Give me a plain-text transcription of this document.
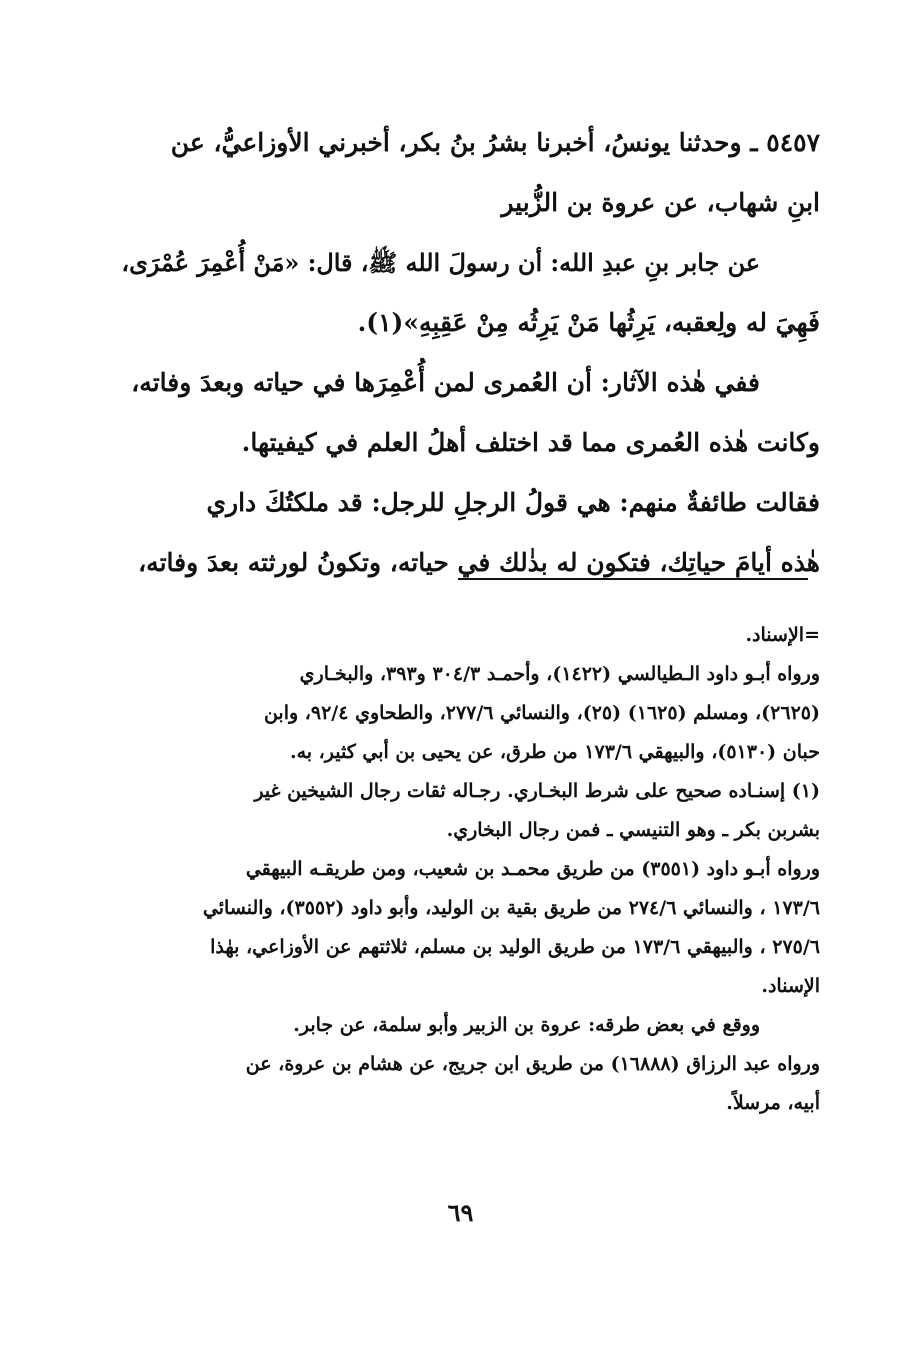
٥٤٥٧ ـ وحدثنا يونسُ، أخبرنا بشرُ بنُ بكر، أخبرني الأوزاعيُّ، عن
ابنِ شهاب، عن عروة بن الزُّبير

عن جابر بنِ عبدِ الله: أن رسولَ الله ﷺ، قال: «مَنْ أُعْمِرَ عُمْرَى،
فَهِيَ له ولِعقبه، يَرِثُها مَنْ يَرِثُه مِنْ عَقِبِهِ»(١).

ففي هٰذه الآثار: أن العُمرى لمن أُعْمِرَها في حياته وبعدَ وفاته،
وكانت هٰذه العُمرى مما قد اختلف أهلُ العلم في كيفيتها.

فقالت طائفةٌ منهم: هي قولُ الرجلِ للرجل: قد ملكتُكَ داري
هٰذه أيامَ حياتِك، فتكون له بذٰلك في حياته، وتكونُ لورثته بعدَ وفاته،

=الإسناد.
ورواه أبـو داود الـطيالسي (١٤٢٢)، وأحمـد ٣٠٤/٣ و٣٩٣، والبخـاري
(٢٦٢٥)، ومسلم (١٦٢٥) (٢٥)، والنسائي ٢٧٧/٦، والطحاوي ٩٢/٤، وابن
حبان (٥١٣٠)، والبيهقي ١٧٣/٦ من طرق، عن يحيى بن أبي كثير، به.
(١) إسنـاده صحيح على شرط البخـاري. رجـاله ثقات رجال الشيخين غير
بشربن بكر ـ وهو التنيسي ـ فمن رجال البخاري.
ورواه أبـو داود (٣٥٥١) من طريق محمـد بن شعيب، ومن طريقـه البيهقي
١٧٣/٦ ، والنسائي ٢٧٤/٦ من طريق بقية بن الوليد، وأبو داود (٣٥٥٢)، والنسائي
٢٧٥/٦ ، والبيهقي ١٧٣/٦ من طريق الوليد بن مسلم، ثلاثتهم عن الأوزاعي، بهٰذا
الإسناد.
ووقع في بعض طرقه: عروة بن الزبير وأبو سلمة، عن جابر.
ورواه عبد الرزاق (١٦٨٨٨) من طريق ابن جريج، عن هشام بن عروة، عن
أبيه، مرسلاً.
٦٩
